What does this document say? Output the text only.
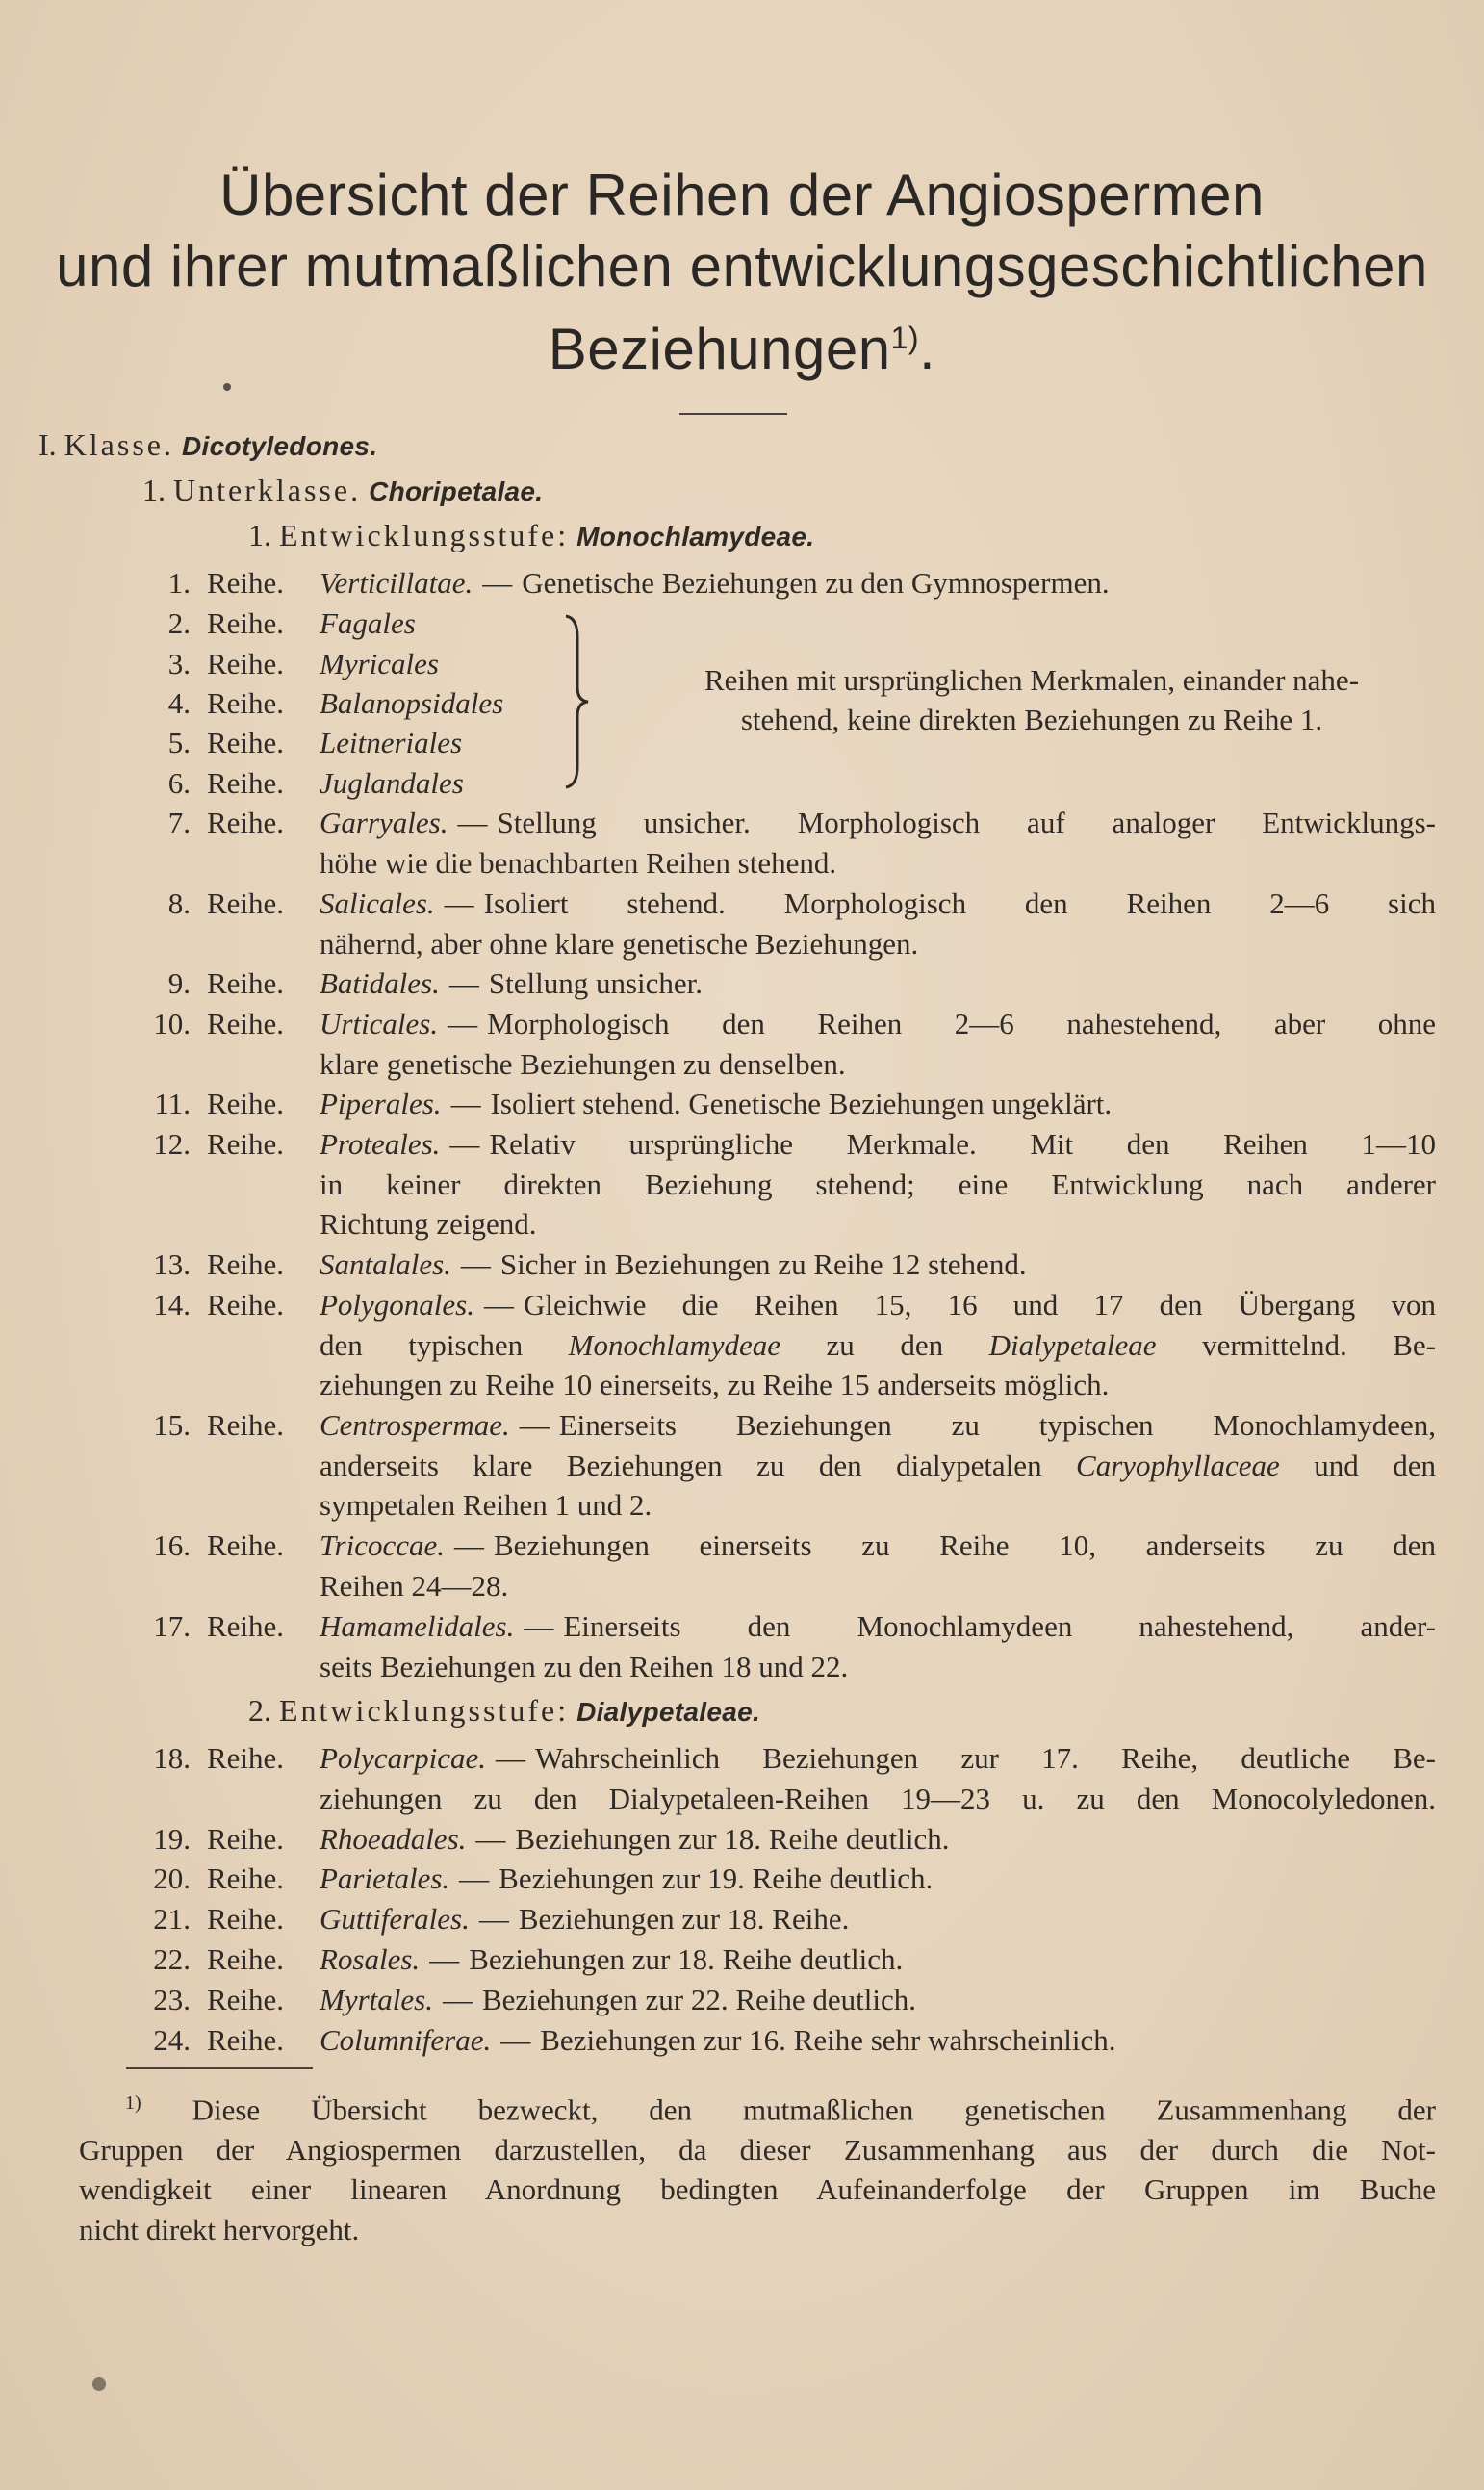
Übersicht der Reihen der Angiospermen
und ihrer mutmaßlichen entwicklungsgeschichtlichen
Beziehungen$^{1)}$.
I. Klasse. Dicotyledones.
1. Unterklasse. Choripetalae.
1. Entwicklungsstufe: Monochlamydeae.
1. Reihe. Verticillatae. — Genetische Beziehungen zu den Gymnospermen.
2. Reihe. Fagales
3. Reihe. Myricales
4. Reihe. Balanopsidales
5. Reihe. Leitneriales
6. Reihe. Juglandales
Reihen mit ursprünglichen Merkmalen, einander nahe-
stehend, keine direkten Beziehungen zu Reihe 1.
7. Reihe. Garryales. — Stellung unsicher. Morphologisch auf analoger Entwicklungs-
höhe wie die benachbarten Reihen stehend.
8. Reihe. Salicales. — Isoliert stehend. Morphologisch den Reihen 2—6 sich
nähernd, aber ohne klare genetische Beziehungen.
9. Reihe. Batidales. — Stellung unsicher.
10. Reihe. Urticales. — Morphologisch den Reihen 2—6 nahestehend, aber ohne
klare genetische Beziehungen zu denselben.
11. Reihe. Piperales. — Isoliert stehend. Genetische Beziehungen ungeklärt.
12. Reihe. Proteales. — Relativ ursprüngliche Merkmale. Mit den Reihen 1—10
in keiner direkten Beziehung stehend; eine Entwicklung nach anderer
Richtung zeigend.
13. Reihe. Santalales. — Sicher in Beziehungen zu Reihe 12 stehend.
14. Reihe. Polygonales. — Gleichwie die Reihen 15, 16 und 17 den Übergang von
den typischen Monochlamydeae zu den Dialypetaleae vermittelnd. Be-
ziehungen zu Reihe 10 einerseits, zu Reihe 15 anderseits möglich.
15. Reihe. Centrospermae. — Einerseits Beziehungen zu typischen Monochlamydeen,
anderseits klare Beziehungen zu den dialypetalen Caryophyllaceae und den
sympetalen Reihen 1 und 2.
16. Reihe. Tricoccae. — Beziehungen einerseits zu Reihe 10, anderseits zu den
Reihen 24—28.
17. Reihe. Hamamelidales. — Einerseits den Monochlamydeen nahestehend, ander-
seits Beziehungen zu den Reihen 18 und 22.
2. Entwicklungsstufe: Dialypetaleae.
18. Reihe. Polycarpicae. — Wahrscheinlich Beziehungen zur 17. Reihe, deutliche Be-
ziehungen zu den Dialypetaleen-Reihen 19—23 u. zu den Monocolyledonen.
19. Reihe. Rhoeadales. — Beziehungen zur 18. Reihe deutlich.
20. Reihe. Parietales. — Beziehungen zur 19. Reihe deutlich.
21. Reihe. Guttiferales. — Beziehungen zur 18. Reihe.
22. Reihe. Rosales. — Beziehungen zur 18. Reihe deutlich.
23. Reihe. Myrtales. — Beziehungen zur 22. Reihe deutlich.
24. Reihe. Columniferae. — Beziehungen zur 16. Reihe sehr wahrscheinlich.
$^{1)}$ Diese Übersicht bezweckt, den mutmaßlichen genetischen Zusammenhang der
Gruppen der Angiospermen darzustellen, da dieser Zusammenhang aus der durch die Not-
wendigkeit einer linearen Anordnung bedingten Aufeinanderfolge der Gruppen im Buche
nicht direkt hervorgeht.
